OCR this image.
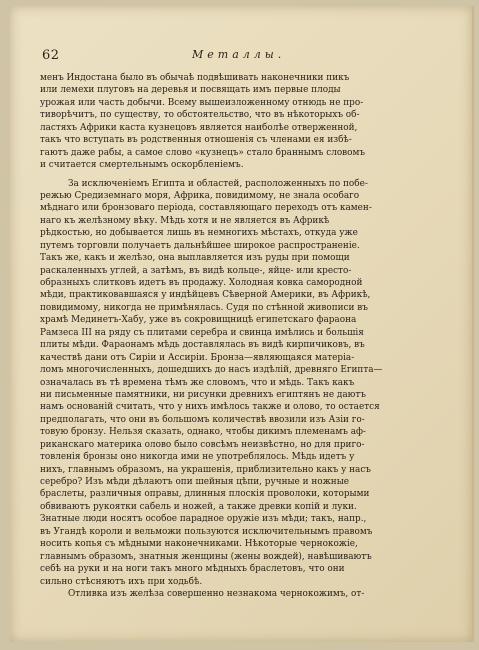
62	Металлы.
менъ Индостана было въ обычаѣ подвѣшивать наконечники пикъ
или лемехи плуговъ на деревья и посвящать имъ первые плоды
урожая или часть добычи. Всему вышеизложенному отнюдь не про-
тиворѣчитъ, по существу, то обстоятельство, что въ нѣкоторыхъ об-
ластяхъ Африки каста кузнецовъ является наиболѣе отверженной,
такъ что вступать въ родственныя отношенія съ членами ея избѣ-
гаютъ даже рабы, а самое слово «кузнецъ» стало браннымъ словомъ
и считается смертельнымъ оскорбленіемъ.
За исключеніемъ Египта и областей, расположенныхъ по побе-
режью Средиземнаго моря, Африка, повидимому, не знала особаго
мѣднаго или бронзоваго періода, составляющаго переходъ отъ камен-
наго къ желѣзному вѣку. Мѣдь хотя и не является въ Африкѣ
рѣдкостью, но добывается лишь въ немногихъ мѣстахъ, откуда уже
путемъ торговли получаетъ дальнѣйшее широкое распространеніе.
Такъ же, какъ и желѣзо, она выплавляется изъ руды при помощи
раскаленныхъ углей, а затѣмъ, въ видѣ кольце-, яйце- или кресто-
образныхъ слитковъ идетъ въ продажу. Холодная ковка самородной
мѣди, практиковавшаяся у индѣйцевъ Сѣверной Америки, въ Африкѣ,
повидимому, никогда не примѣнялась. Судя по стѣнной живописи въ
храмѣ Мединетъ-Хабу, уже въ сокровищницѣ египетскаго фараона
Рамзеса III на ряду съ плитами серебра и свинца имѣлись и большія
плиты мѣди. Фараонамъ мѣдь доставлялась въ видѣ кирпичиковъ, въ
качествѣ дани отъ Сиріи и Ассиріи. Бронза—являющаяся матеріа-
ломъ многочисленныхъ, дошедшихъ до насъ издѣлій, древняго Египта—
означалась въ тѣ времена тѣмъ же словомъ, что и мѣдь. Такъ какъ
ни письменные памятники, ни рисунки древнихъ египтянъ не даютъ
намъ основаній считать, что у нихъ имѣлось также и олово, то остается
предполагать, что они въ большомъ количествѣ ввозили изъ Азіи го-
товую бронзу. Нельзя сказать, однако, чтобы дикимъ племенамъ аф-
риканскаго материка олово было совсѣмъ неизвѣстно, но для приго-
товленія бронзы оно никогда ими не употреблялось. Мѣдь идетъ у
нихъ, главнымъ образомъ, на украшенія, приблизительно какъ у насъ
серебро? Изъ мѣди дѣлаютъ опи шейныя цѣпи, ручные и ножные
браслеты, различныя оправы, длинныя плоскія проволоки, которыми
обвиваютъ рукоятки сабель и ножей, а также древки копій и луки.
Знатные люди носятъ особое парадное оружіе изъ мѣди; такъ, напр.,
въ Угандѣ короли и вельможи пользуются исключительнымъ правомъ
носить копья съ мѣдными наконечниками. Нѣкоторые чернокожіе,
главнымъ образомъ, знатныя женщины (жены вождей), навѣшиваютъ
себѣ на руки и на ноги такъ много мѣдныхъ браслетовъ, что они
сильно стѣсняютъ ихъ при ходьбѣ.
Отливка изъ желѣза совершенно незнакома чернокожимъ, от-
